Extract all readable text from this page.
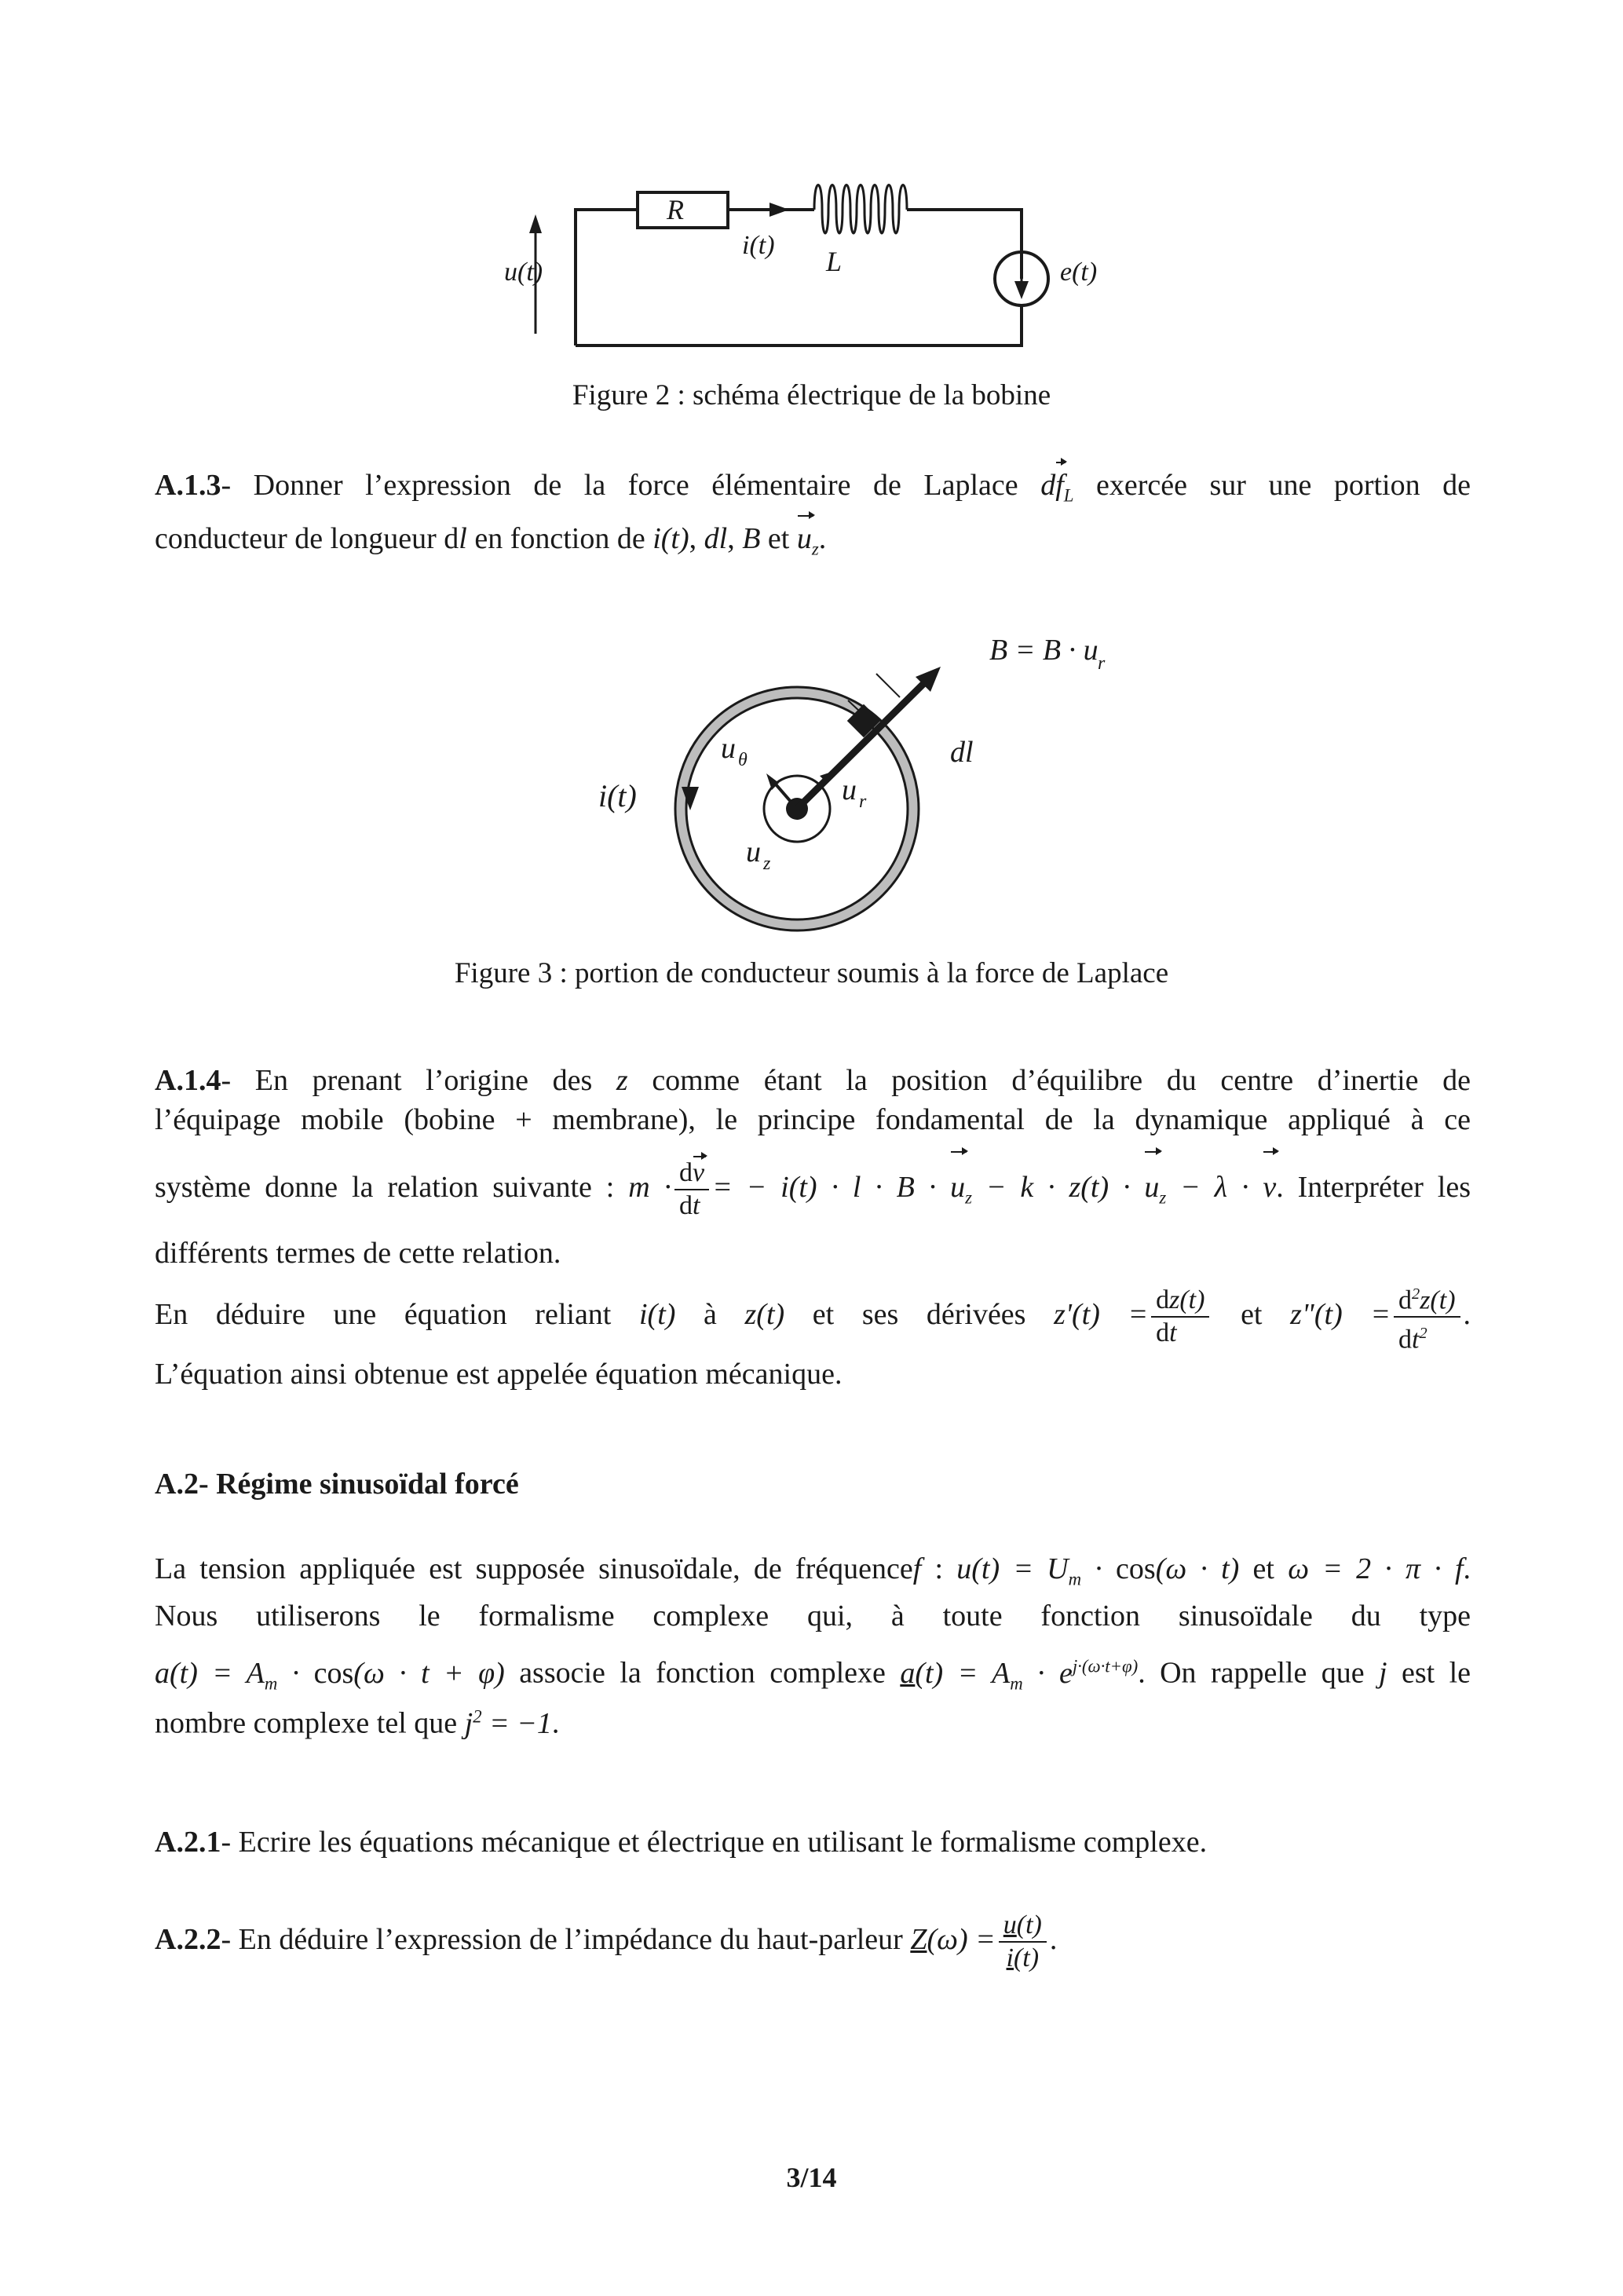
R
i(t)
L
u(t)	e(t)
Figure 2 : schéma électrique de la bobine
A.1.3- Donner l’expression de la force élémentaire de Laplace $df_L$ exercée sur une portion de
conducteur de longueur dl en fonction de i(t), dl, B et $u_z$.
B = B · u r
dl
u θ
u r
u z
i(t)
Figure 3 : portion de conducteur soumis à la force de Laplace
A.1.4- En prenant l’origine des z comme étant la position d’équilibre du centre d’inertie de
l’équipage mobile (bobine + membrane), le principe fondamental de la dynamique appliqué à ce
système donne la relation suivante : $m \cdot \frac{dv}{dt}$ = − $i(t) \cdot l \cdot B \cdot u_z - k \cdot z(t) \cdot u_z - \lambda \cdot v$. Interpréter les
différents termes de cette relation.
En déduire une équation reliant i(t) à z(t) et ses dérivées $z'(t) = \frac{dz(t)}{dt}$ et z"(t) = $\frac{d^2z(t)}{dt^2}$ .
L’équation ainsi obtenue est appelée équation mécanique.
A.2- Régime sinusoïdal forcé
La tension appliquée est supposée sinusoïdale, de fréquencef : $u(t) = U_m \cdot \cos(\omega \cdot t)$ et ω = 2 · π · f.
Nous utiliserons le formalisme complexe qui, à toute fonction sinusoïdale du type
$a(t) = A_m \cdot \cos(\omega \cdot t + \varphi)$ associe la fonction complexe $a(t) = A_m \cdot e^{j\cdot(\omega\cdot t+\varphi)}$. On rappelle que j est le
nombre complexe tel que $j^2 = -1$.
A.2.1- Ecrire les équations mécanique et électrique en utilisant le formalisme complexe.
A.2.2- En déduire l’expression de l’impédance du haut-parleur $Z(\omega) = \frac{u(t)}{i(t)}$ .
3/14
